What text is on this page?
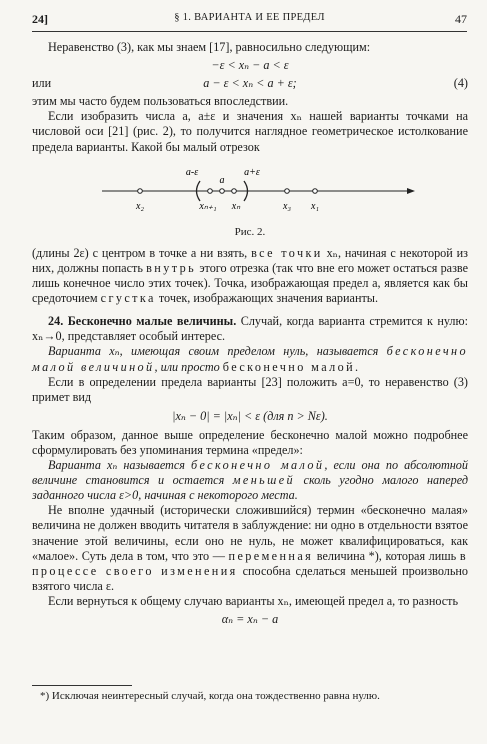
24]	§ 1. ВАРИАНТА И ЕЕ ПРЕДЕЛ	47

Неравенство (3), как мы знаем [17], равносильно следующим:

−ε < xₙ − a < ε
или	a − ε < xₙ < a + ε;	(4)

этим мы часто будем пользоваться впоследствии.

Если изобразить числа a, a±ε и значения xₙ нашей варианты точками на числовой оси [21] (рис. 2), то получится наглядное геометрическое истолкование предела варианты. Какой бы малый отрезок

a-ε
a
a+ε
x₂	xₙ₊₁ xₙ	x₃ x₁
Рис. 2.

(длины 2ε) с центром в точке a ни взять, все точки xₙ, начиная с некоторой из них, должны попасть внутрь этого отрезка (так что вне его может остаться разве лишь конечное число этих точек). Точка, изображающая предел a, является как бы средоточием сгустка точек, изображающих значения варианты.

24. Бесконечно малые величины. Случай, когда варианта стремится к нулю: xₙ→0, представляет особый интерес.

Варианта xₙ, имеющая своим пределом нуль, называется бесконечно малой величиной, или просто бесконечно малой.

Если в определении предела варианты [23] положить a=0, то неравенство (3) примет вид

|xₙ − 0| = |xₙ| < ε (для n > Nε).

Таким образом, данное выше определение бесконечно малой можно подробнее сформулировать без упоминания термина «предел»:

Варианта xₙ называется бесконечно малой, если она по абсолютной величине становится и остается меньшей сколь угодно малого наперед заданного числа ε>0, начиная с некоторого места.

Не вполне удачный (исторически сложившийся) термин «бесконечно малая» величина не должен вводить читателя в заблуждение: ни одно в отдельности взятое значение этой величины, если оно не нуль, не может квалифицироваться, как «малое». Суть дела в том, что это — переменная величина *), которая лишь в процессе своего изменения способна сделаться меньшей произвольно взятого числа ε.

Если вернуться к общему случаю варианты xₙ, имеющей предел a, то разность

αₙ = xₙ − a
*) Исключая неинтересный случай, когда она тождественно равна нулю.
